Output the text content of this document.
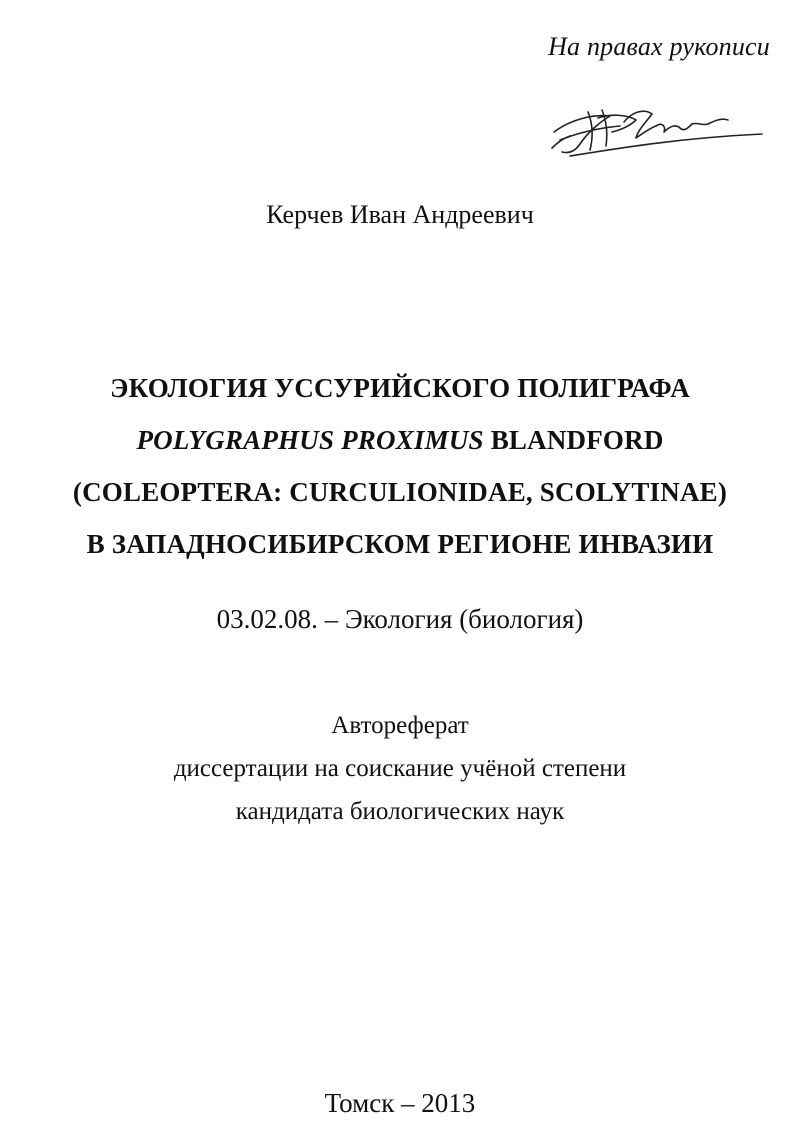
На правах рукописи
Керчев Иван Андреевич
ЭКОЛОГИЯ УССУРИЙСКОГО ПОЛИГРАФА
POLYGRAPHUS PROXIMUS BLANDFORD
(COLEOPTERA: CURCULIONIDAE, SCOLYTINAE)
В ЗАПАДНОСИБИРСКОМ РЕГИОНЕ ИНВАЗИИ
03.02.08. – Экология (биология)
Автореферат
диссертации на соискание учёной степени
кандидата биологических наук
Томск – 2013
